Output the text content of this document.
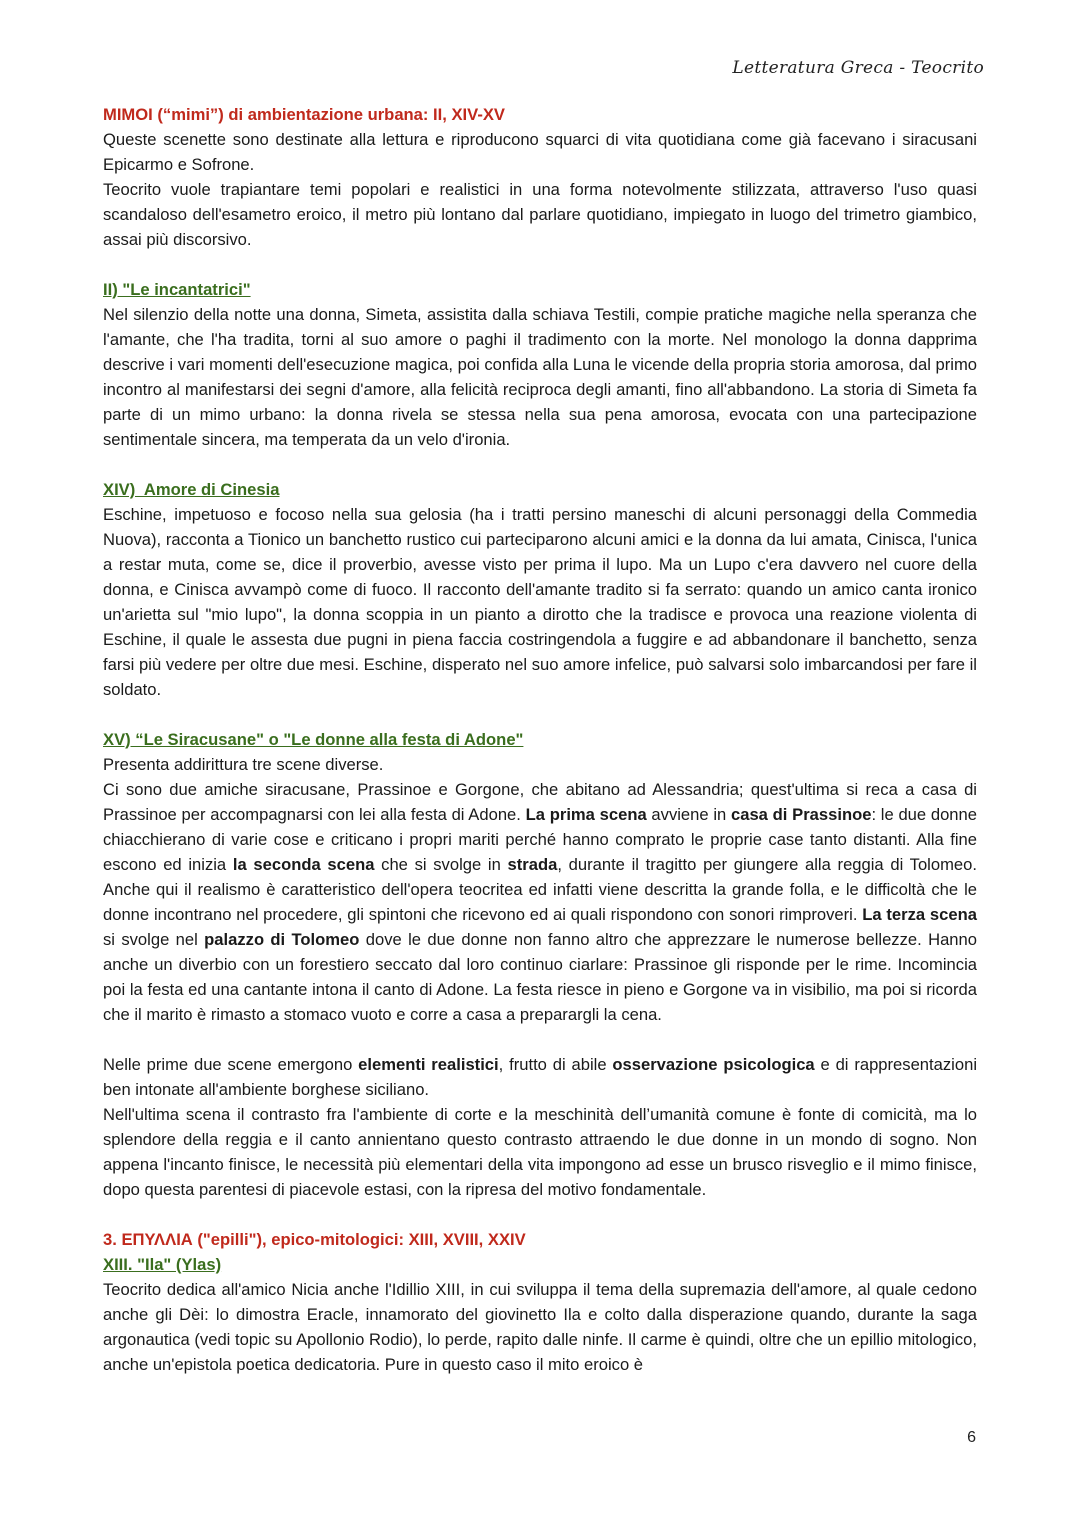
Letteratura Greca - Teocrito

MIMOI (“mimi”) di ambientazione urbana: II, XIV-XV

Queste scenette sono destinate alla lettura e riproducono squarci di vita quotidiana come già facevano i siracusani Epicarmo e Sofrone.

Teocrito vuole trapiantare temi popolari e realistici in una forma notevolmente stilizzata, attraverso l'uso quasi scandaloso dell'esametro eroico, il metro più lontano dal parlare quotidiano, impiegato in luogo del trimetro giambico, assai più discorsivo.

II) "Le incantatrici"

Nel silenzio della notte una donna, Simeta, assistita dalla schiava Testili, compie pratiche magiche nella speranza che l'amante, che l'ha tradita, torni al suo amore o paghi il tradimento con la morte. Nel monologo la donna dapprima descrive i vari momenti dell'esecuzione magica, poi confida alla Luna le vicende della propria storia amorosa, dal primo incontro al manifestarsi dei segni d'amore, alla felicità reciproca degli amanti, fino all'abbandono. La storia di Simeta fa parte di un mimo urbano: la donna rivela se stessa nella sua pena amorosa, evocata con una partecipazione sentimentale sincera, ma temperata da un velo d'ironia.

XIV)  Amore di Cinesia

Eschine, impetuoso e focoso nella sua gelosia (ha i tratti persino maneschi di alcuni personaggi della Commedia Nuova), racconta a Tionico un banchetto rustico cui parteciparono alcuni amici e la donna da lui amata, Cinisca, l'unica a restar muta, come se, dice il proverbio, avesse visto per prima il lupo. Ma un Lupo c'era davvero nel cuore della donna, e Cinisca avvampò come di fuoco. Il racconto dell'amante tradito si fa serrato: quando un amico canta ironico un'arietta sul "mio lupo", la donna scoppia in un pianto a dirotto che la tradisce e provoca una reazione violenta di Eschine, il quale le assesta due pugni in piena faccia costringendola a fuggire e ad abbandonare il banchetto, senza farsi più vedere per oltre due mesi. Eschine, disperato nel suo amore infelice, può salvarsi solo imbarcandosi per fare il soldato.

XV) “Le Siracusane" o "Le donne alla festa di Adone"

Presenta addirittura tre scene diverse.

Ci sono due amiche siracusane, Prassinoe e Gorgone, che abitano ad Alessandria; quest'ultima si reca a casa di Prassinoe per accompagnarsi con lei alla festa di Adone. La prima scena avviene in casa di Prassinoe: le due donne chiacchierano di varie cose e criticano i propri mariti perché hanno comprato le proprie case tanto distanti. Alla fine escono ed inizia la seconda scena che si svolge in strada, durante il tragitto per giungere alla reggia di Tolomeo. Anche qui il realismo è caratteristico dell'opera teocritea ed infatti viene descritta la grande folla, e le difficoltà che le donne incontrano nel procedere, gli spintoni che ricevono ed ai quali rispondono con sonori rimproveri. La terza scena si svolge nel palazzo di Tolomeo dove le due donne non fanno altro che apprezzare le numerose bellezze. Hanno anche un diverbio con un forestiero seccato dal loro continuo ciarlare: Prassinoe gli risponde per le rime. Incomincia poi la festa ed una cantante intona il canto di Adone. La festa riesce in pieno e Gorgone va in visibilio, ma poi si ricorda che il marito è rimasto a stomaco vuoto e corre a casa a preparargli la cena.

Nelle prime due scene emergono elementi realistici, frutto di abile osservazione psicologica e di rappresentazioni ben intonate all'ambiente borghese siciliano.

Nell'ultima scena il contrasto fra l'ambiente di corte e la meschinità dell’umanità comune è fonte di comicità, ma lo splendore della reggia e il canto annientano questo contrasto attraendo le due donne in un mondo di sogno. Non appena l'incanto finisce, le necessità più elementari della vita impongono ad esse un brusco risveglio e il mimo finisce, dopo questa parentesi di piacevole estasi, con la ripresa del motivo fondamentale.

3. ΕΠΥΛΛΙΑ ("epilli"), epico-mitologici: XIII, XVIII, XXIV

XIII. "Ila" (Ylas)

Teocrito dedica all'amico Nicia anche l'Idillio XIII, in cui sviluppa il tema della supremazia dell'amore, al quale cedono anche gli Dèi: lo dimostra Eracle, innamorato del giovinetto Ila e colto dalla disperazione quando, durante la saga argonautica (vedi topic su Apollonio Rodio), lo perde, rapito dalle ninfe. Il carme è quindi, oltre che un epillio mitologico, anche un'epistola poetica dedicatoria. Pure in questo caso il mito eroico è

6
